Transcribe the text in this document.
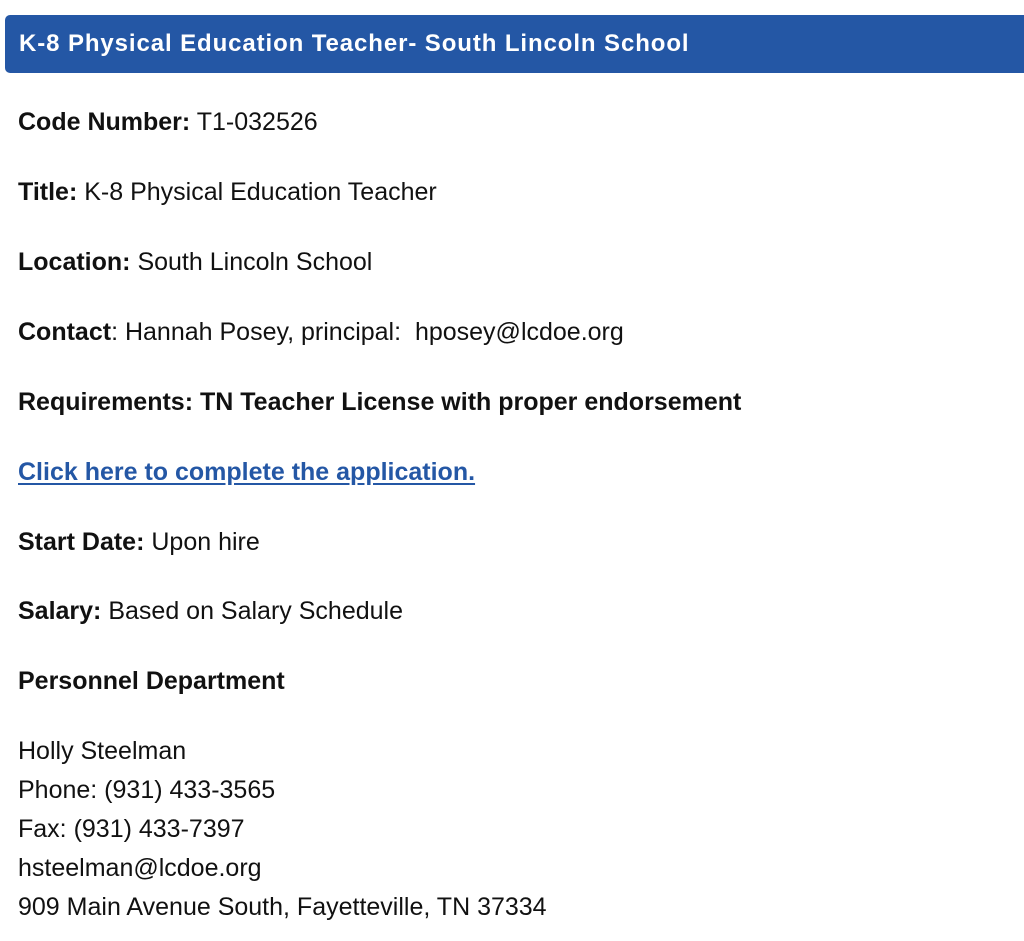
K-8 Physical Education Teacher- South Lincoln School
Code Number: T1-032526
Title: K-8 Physical Education Teacher
Location: South Lincoln School
Contact: Hannah Posey, principal:  hposey@lcdoe.org
Requirements: TN Teacher License with proper endorsement
Click here to complete the application.
Start Date: Upon hire
Salary: Based on Salary Schedule
Personnel Department
Holly Steelman
Phone: (931) 433-3565
Fax: (931) 433-7397
hsteelman@lcdoe.org
909 Main Avenue South, Fayetteville, TN 37334
